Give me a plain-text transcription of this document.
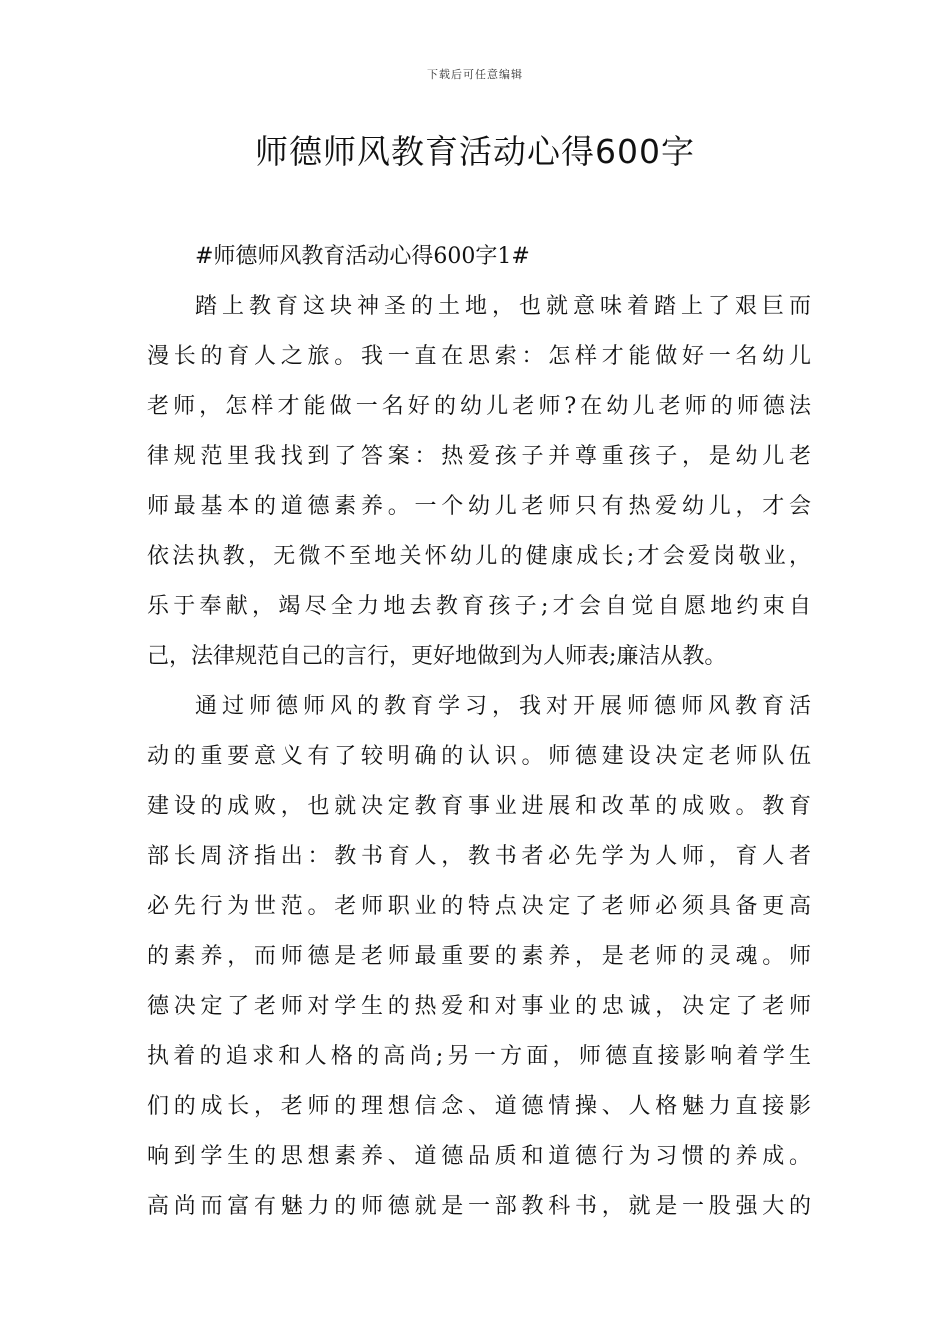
下载后可任意编辑
师德师风教育活动心得600字

#师德师风教育活动心得600字1#

踏上教育这块神圣的土地，也就意味着踏上了艰巨而

漫长的育人之旅。我一直在思索：怎样才能做好一名幼儿

老师，怎样才能做一名好的幼儿老师?在幼儿老师的师德法

律规范里我找到了答案：热爱孩子并尊重孩子，是幼儿老

师最基本的道德素养。一个幼儿老师只有热爱幼儿，才会

依法执教，无微不至地关怀幼儿的健康成长;才会爱岗敬业，

乐于奉献，竭尽全力地去教育孩子;才会自觉自愿地约束自

己，法律规范自己的言行，更好地做到为人师表;廉洁从教。

通过师德师风的教育学习，我对开展师德师风教育活

动的重要意义有了较明确的认识。师德建设决定老师队伍

建设的成败，也就决定教育事业进展和改革的成败。教育

部长周济指出：教书育人，教书者必先学为人师，育人者

必先行为世范。老师职业的特点决定了老师必须具备更高

的素养，而师德是老师最重要的素养，是老师的灵魂。师

德决定了老师对学生的热爱和对事业的忠诚，决定了老师

执着的追求和人格的高尚;另一方面，师德直接影响着学生

们的成长，老师的理想信念、道德情操、人格魅力直接影

响到学生的思想素养、道德品质和道德行为习惯的养成。

高尚而富有魅力的师德就是一部教科书，就是一股强大的
